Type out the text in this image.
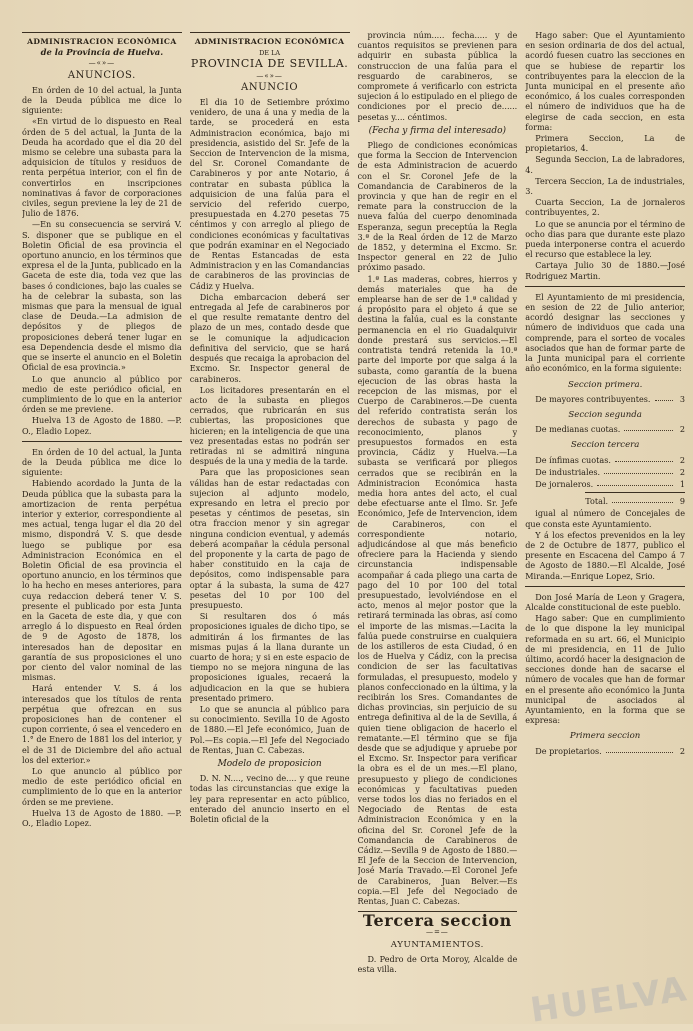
ADMINISTRACION ECONÓMICA
de la Provincia de Huelva.
—«»—
ANUNCIOS.

En órden de 10 del actual, la Junta de la Deuda pública me dice lo siguiente:

«En virtud de lo dispuesto en Real órden de 5 del actual, la Junta de la Deuda ha acordado que el dia 20 del mismo se celebre una subasta para la adquisicion de títulos y residuos de renta perpétua interior, con el fin de convertirlos en inscripciones nominativas á favor de corporaciones civiles, segun previene la ley de 21 de Julio de 1876.

—En su consecuencia se servirá V. S. disponer que se publique en el Boletin Oficial de esa provincia el oportuno anuncio, en los términos que expresa el de la Junta, publicado en la Gaceta de este dia, toda vez que las bases ó condiciones, bajo las cuales se ha de celebrar la subasta, son las mismas que para la mensual de igual clase de Deuda.—La admision de depósitos y de pliegos de proposiciones deberá tener lugar en esa Dependencia desde el mismo dia que se inserte el anuncio en el Boletin Oficial de esa provincia.»

Lo que anuncio al público por medio de este periódico oficial, en cumplimiento de lo que en la anterior órden se me previene.

Huelva 13 de Agosto de 1880. —P. O., Eladio Lopez.

En órden de 10 del actual, la Junta de la Deuda pública me dice lo siguiente:

Habiendo acordado la Junta de la Deuda pública que la subasta para la amortizacion de renta perpétua interior y exterior, correspondiente al mes actual, tenga lugar el dia 20 del mismo, dispondrá V. S. que desde luego se publique por esa Administracion Económica en el Boletin Oficial de esa provincia el oportuno anuncio, en los términos que lo ha hecho en meses anteriores, para cuya redaccion deberá tener V. S. presente el publicado por esta Junta en la Gaceta de este dia, y que con arreglo á lo dispuesto en Real órden de 9 de Agosto de 1878, los interesados han de depositar en garantía de sus proposiciones el uno por ciento del valor nominal de las mismas.

Hará entender V. S. á los interesados que los títulos de renta perpétua que ofrezcan en sus proposiciones han de contener el cupon corriente, ó sea el vencedero en 1.° de Enero de 1881 los del interior, y el de 31 de Diciembre del año actual los del exterior.»

Lo que anuncio al público por medio de este periódico oficial en cumplimiento de lo que en la anterior órden se me previene.

Huelva 13 de Agosto de 1880. —P. O., Eladio Lopez.

ADMINISTRACION ECONÓMICA
DE LA
PROVINCIA DE SEVILLA.
—«»—
ANUNCIO

El dia 10 de Setiembre próximo venidero, de una á una y media de la tarde, se procederá en esta Administracion económica, bajo mi presidencia, asistido del Sr. Jefe de la Seccion de Intervencion de la misma, del Sr. Coronel Comandante de Carabineros y por ante Notario, á contratar en subasta pública la adquisicion de una falúa para el servicio del referido cuerpo, presupuestada en 4.270 pesetas 75 céntimos y con arreglo al pliego de condiciones económicas y facultativas que podrán examinar en el Negociado de Rentas Estancadas de esta Administracion y en las Comandancias de carabineros de las provincias de Cádiz y Huelva.

Dicha embarcacion deberá ser entregada al Jefe de carabineros por el que resulte rematante dentro del plazo de un mes, contado desde que se le comunique la adjudicacion definitiva del servicio, que se hará después que recaiga la aprobacion del Excmo. Sr. Inspector general de carabineros.

Los licitadores presentarán en el acto de la subasta en pliegos cerrados, que rubricarán en sus cubiertas, las proposiciones que hicieren; en la inteligencia de que una vez presentadas estas no podrán ser retiradas ni se admitirá ninguna después de la una y media de la tarde.

Para que las proposiciones sean válidas han de estar redactadas con sujecion al adjunto modelo, expresando en letra el precio por pesetas y céntimos de pesetas, sin otra fraccion menor y sin agregar ninguna condicion eventual, y además deberá acompañar la cédula personal del proponente y la carta de pago de haber constituido en la caja de depósitos, como indispensable para optar á la subasta, la suma de 427 pesetas del 10 por 100 del presupuesto.

Si resultaren dos ó más proposiciones iguales de dicho tipo, se admitirán á los firmantes de las mismas pujas á la llana durante un cuarto de hora; y si en este espacio de tiempo no se mejora ninguna de las proposiciones iguales, recaerá la adjudicacion en la que se hubiera presentado primero.

Lo que se anuncia al público para su conocimiento. Sevilla 10 de Agosto de 1880.—El Jefe económico, Juan de Pol.—Es copia.—El Jefe del Negociado de Rentas, Juan C. Cabezas.

Modelo de proposicion

D. N. N...., vecino de.... y que reune todas las circunstancias que exige la ley para representar en acto público, enterado del anuncio inserto en el Boletin oficial de la

provincia núm..... fecha..... y de cuantos requisitos se previenen para adquirir en subasta pública la construccion de una falúa para el resguardo de carabineros, se compromete á verificarlo con estricta sujecion á lo estipulado en el pliego de condiciones por el precio de...... pesetas y.... céntimos.

(Fecha y firma del interesado)

Pliego de condiciones económicas que forma la Seccion de Intervencion de esta Administracion de acuerdo con el Sr. Coronel Jefe de la Comandancia de Carabineros de la provincia y que han de regir en el remate para la construccion de la nueva falúa del cuerpo denominada Esperanza, segun preceptúa la Regla 3.ª de la Real órden de 12 de Marzo de 1852, y determina el Excmo. Sr. Inspector general en 22 de Julio próximo pasado.

1.ª Las maderas, cobres, hierros y demás materiales que ha de emplearse han de ser de 1.ª calidad y á propósito para el objeto á que se destina la falúa, cual es la constante permanencia en el rio Guadalquivir donde prestará sus servicios.—El contratista tendrá retenida la 10.ª parte del importe por que salga á la subasta, como garantía de la buena ejecucion de las obras hasta la recepcion de las mismas, por el Cuerpo de Carabineros.—De cuenta del referido contratista serán los derechos de subasta y pago de reconocimiento, planos y presupuestos formados en esta provincia, Cádiz y Huelva.—La subasta se verificará por pliegos cerrados que se recibirán en la Administracion Económica hasta media hora antes del acto, el cual debe efectuarse ante el Ilmo. Sr. Jefe Económico, Jefe de Intervencion, idem de Carabineros, con el correspondiente notario, adjudicándose al que más beneficio ofreciere para la Hacienda y siendo circunstancia indispensable acompañar á cada pliego una carta de pago del 10 por 100 del total presupuestado, levolviéndose en el acto, menos al mejor postor que la retirará terminada las obras, así como el importe de las mismas.—Lacita la falúa puede construirse en cualquiera de los astilleros de esta Ciudad, ó en los de Huelva y Cádiz, con la precisa condicion de ser las facultativas formuladas, el presupuesto, modelo y planos confeccionado en la última, y la recibirán los Sres. Comandantes de dichas provincias, sin perjuicio de su entrega definitiva al de la de Sevilla, á quien tiene obligacion de hacerlo el rematante.—El término que se fija desde que se adjudique y apruebe por el Excmo. Sr. Inspector para verificar la obra es el de un mes.—El plano, presupuesto y pliego de condiciones económicas y facultativas pueden verse todos los dias no feriados en el Negociado de Rentas de esta Administracion Económica y en la oficina del Sr. Coronel Jefe de la Comandancia de Carabineros de Cádiz.—Sevilla 9 de Agosto de 1880.—El Jefe de la Seccion de Intervencion, José María Travado.—El Coronel Jefe de Carabineros, Juan Belver.—Es copia.—El Jefe del Negociado de Rentas, Juan C. Cabezas.

Tercera seccion
—=—
AYUNTAMIENTOS.

D. Pedro de Orta Moroy, Alcalde de esta villa.

Hago saber: Que el Ayuntamiento en sesion ordinaria de dos del actual, acordó fuesen cuatro las secciones en que se hubiese de repartir los contribuyentes para la eleccion de la Junta municipal en el presente año económico, á los cuales corresponden el número de individuos que ha de elegirse de cada seccion, en esta forma:

Primera Seccion, La de propietarios, 4.

Segunda Seccion, La de labradores, 4.

Tercera Seccion, La de industriales, 3.

Cuarta Seccion, La de jornaleros contribuyentes, 2.

Lo que se anuncia por el término de ocho dias para que durante este plazo pueda interponerse contra el acuerdo el recurso que establece la ley.

Cartaya Julio 30 de 1880.—José Rodriguez Martin.

El Ayuntamiento de mi presidencia, en sesion de 22 de Julio anterior, acordó designar las secciones y número de individuos que cada una comprende, para el sorteo de vocales asociados que han de formar parte de la Junta municipal para el corriente año económico, en la forma siguiente:

Seccion primera.
De mayores contribuyentes.	3
Seccion segunda
De medianas cuotas.	2
Seccion tercera
De ínfimas cuotas.	2
De industriales.	2
De jornaleros.	1
Total.	9

igual al número de Concejales de que consta este Ayuntamiento.

Y á los efectos prevenidos en la ley de 2 de Octubre de 1877, publico el presente en Escacena del Campo á 7 de Agosto de 1880.—El Alcalde, José Miranda.—Enrique Lopez, Srio.

Don José María de Leon y Gragera, Alcalde constitucional de este pueblo.

Hago saber: Que en cumplimiento de lo que dispone la ley municipal reformada en su art. 66, el Municipio de mi presidencia, en 11 de Julio último, acordó hacer la designacion de secciones donde han de sacarse el número de vocales que han de formar en el presente año económico la Junta municipal de asociados al Ayuntamiento, en la forma que se expresa:

Primera seccion
De propietarios.	2
HUELVA
